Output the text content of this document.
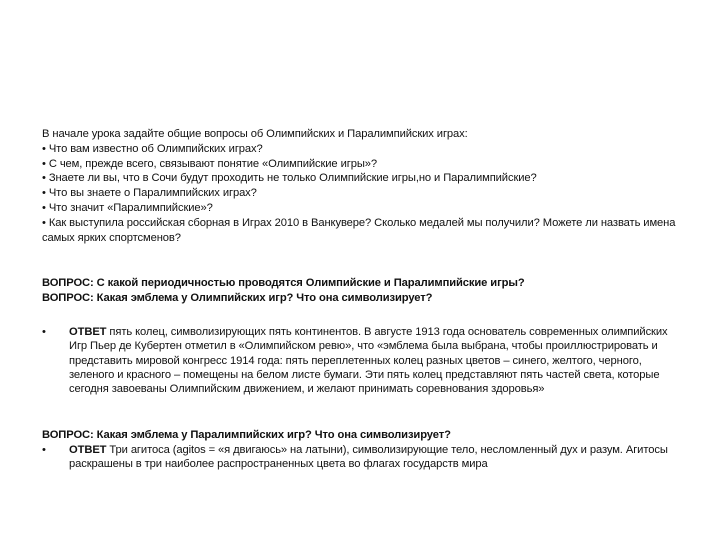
В начале урока задайте общие вопросы об Олимпийских и Паралимпийских играх:
• Что вам известно об Олимпийских играх?
• С чем, прежде всего, связывают понятие «Олимпийские игры»?
• Знаете ли вы, что в Сочи будут проходить не только Олимпийские игры,но и Паралимпийские?
• Что вы знаете о Паралимпийских играх?
• Что значит «Паралимпийские»?
• Как выступила российская сборная в Играх 2010 в Ванкувере? Сколько медалей мы получили? Можете ли назвать имена самых ярких спортсменов?
ВОПРОС: С какой периодичностью проводятся Олимпийские и Паралимпийские игры?
ВОПРОС: Какая эмблема у Олимпийских игр? Что она символизирует?
•	ОТВЕТ пять колец, символизирующих пять континентов. В августе 1913 года основатель современных олимпийских Игр Пьер де Кубертен отметил в «Олимпийском ревю», что «эмблема была выбрана, чтобы проиллюстрировать и представить мировой конгресс 1914 года: пять переплетенных колец разных цветов – синего, желтого, черного, зеленого и красного – помещены на белом листе бумаги. Эти пять колец представляют пять частей света, которые сегодня завоеваны Олимпийским движением, и желают принимать соревнования здоровья»
ВОПРОС: Какая эмблема у Паралимпийских игр? Что она символизирует?
•	ОТВЕТ Три агитоса (agitos = «я двигаюсь» на латыни), символизирующие тело, несломленный дух и разум. Агитосы раскрашены в три наиболее распространенных цвета во флагах государств мира
